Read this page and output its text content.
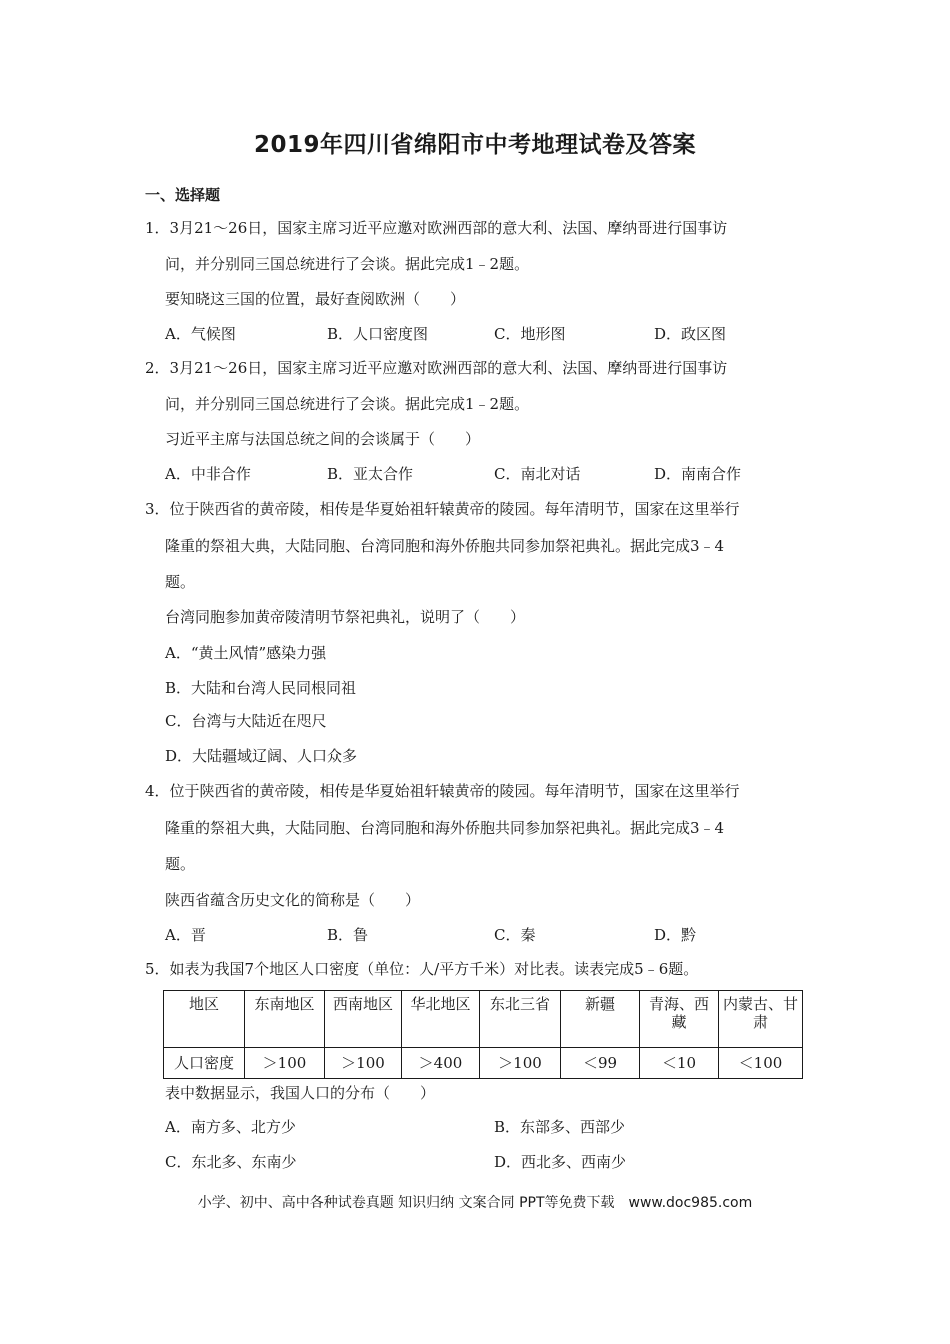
2019年四川省绵阳市中考地理试卷及答案
一、选择题
1．3月21～26日，国家主席习近平应邀对欧洲西部的意大利、法国、摩纳哥进行国事访
问，并分别同三国总统进行了会谈。据此完成1﹣2题。
要知晓这三国的位置，最好查阅欧洲（　　）
A．气候图	B．人口密度图	C．地形图	D．政区图
2．3月21～26日，国家主席习近平应邀对欧洲西部的意大利、法国、摩纳哥进行国事访
问，并分别同三国总统进行了会谈。据此完成1﹣2题。
习近平主席与法国总统之间的会谈属于（　　）
A．中非合作	B．亚太合作	C．南北对话	D．南南合作
3．位于陕西省的黄帝陵，相传是华夏始祖轩辕黄帝的陵园。每年清明节，国家在这里举行
隆重的祭祖大典，大陆同胞、台湾同胞和海外侨胞共同参加祭祀典礼。据此完成3﹣4
题。
台湾同胞参加黄帝陵清明节祭祀典礼，说明了（　　）
A．“黄土风情”感染力强
B．大陆和台湾人民同根同祖
C．台湾与大陆近在咫尺
D．大陆疆域辽阔、人口众多
4．位于陕西省的黄帝陵，相传是华夏始祖轩辕黄帝的陵园。每年清明节，国家在这里举行
隆重的祭祖大典，大陆同胞、台湾同胞和海外侨胞共同参加祭祀典礼。据此完成3﹣4
题。
陕西省蕴含历史文化的简称是（　　）
A．晋	B．鲁	C．秦	D．黔
5．如表为我国7个地区人口密度（单位：人/平方千米）对比表。读表完成5﹣6题。
地区	东南地区	西南地区	华北地区	东北三省	新疆	青海、西藏	内蒙古、甘肃
人口密度	＞100	＞100	＞400	＞100	＜99	＜10	＜100
表中数据显示，我国人口的分布（　　）
A．南方多、北方少	B．东部多、西部少
C．东北多、东南少	D．西北多、西南少
小学、初中、高中各种试卷真题 知识归纳 文案合同 PPT等免费下载　www.doc985.com
